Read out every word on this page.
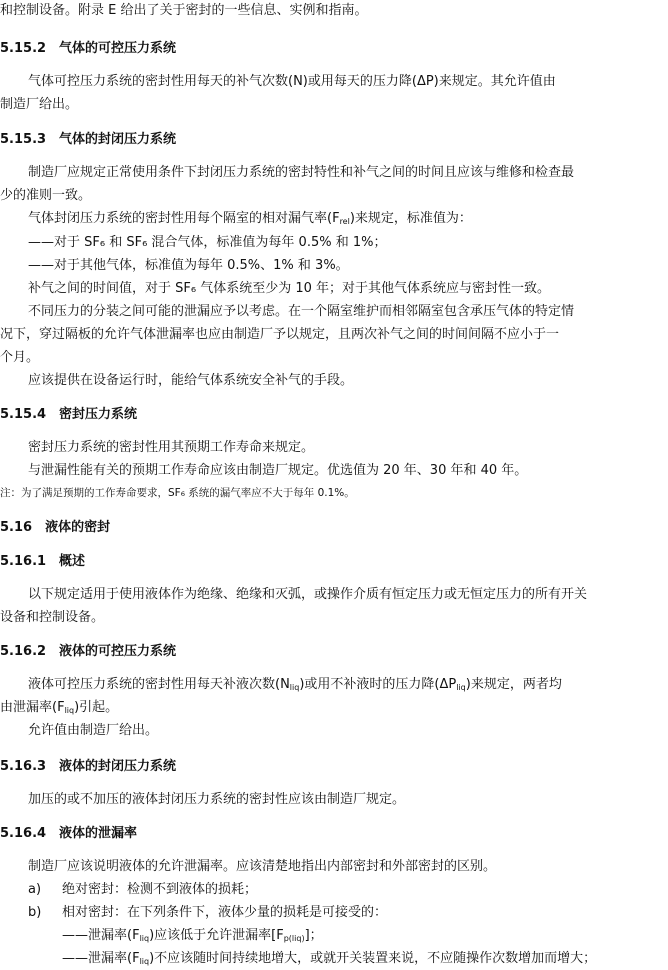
和控制设备。附录 E 给出了关于密封的一些信息、实例和指南。
5.15.2　气体的可控压力系统
气体可控压力系统的密封性用每天的补气次数(N)或用每天的压力降(ΔP)来规定。其允许值由
制造厂给出。
5.15.3　气体的封闭压力系统
制造厂应规定正常使用条件下封闭压力系统的密封特性和补气之间的时间且应该与维修和检查最
少的准则一致。
气体封闭压力系统的密封性用每个隔室的相对漏气率$(F_{rel})$来规定，标准值为：
——对于 SF₆ 和 SF₆ 混合气体，标准值为每年 0.5% 和 1%；
——对于其他气体，标准值为每年 0.5%、1% 和 3%。
补气之间的时间值，对于 SF₆ 气体系统至少为 10 年；对于其他气体系统应与密封性一致。
不同压力的分装之间可能的泄漏应予以考虑。在一个隔室维护而相邻隔室包含承压气体的特定情
况下，穿过隔板的允许气体泄漏率也应由制造厂予以规定，且两次补气之间的时间间隔不应小于一
个月。
应该提供在设备运行时，能给气体系统安全补气的手段。
5.15.4　密封压力系统
密封压力系统的密封性用其预期工作寿命来规定。
与泄漏性能有关的预期工作寿命应该由制造厂规定。优选值为 20 年、30 年和 40 年。
注：为了满足预期的工作寿命要求，SF₆ 系统的漏气率应不大于每年 0.1%。
5.16　液体的密封
5.16.1　概述
以下规定适用于使用液体作为绝缘、绝缘和灭弧，或操作介质有恒定压力或无恒定压力的所有开关
设备和控制设备。
5.16.2　液体的可控压力系统
液体可控压力系统的密封性用每天补液次数$(N_{liq})$或用不补液时的压力降$(\Delta P_{liq})$来规定，两者均
由泄漏率$(F_{liq})$引起。
允许值由制造厂给出。
5.16.3　液体的封闭压力系统
加压的或不加压的液体封闭压力系统的密封性应该由制造厂规定。
5.16.4　液体的泄漏率
制造厂应该说明液体的允许泄漏率。应该清楚地指出内部密封和外部密封的区别。
a) 绝对密封：检测不到液体的损耗；
b) 相对密封：在下列条件下，液体少量的损耗是可接受的：
——泄漏率$(F_{liq})$应该低于允许泄漏率$[F_{p(liq)}]$；
——泄漏率$(F_{liq})$不应该随时间持续地增大，或就开关装置来说，不应随操作次数增加而增大；
